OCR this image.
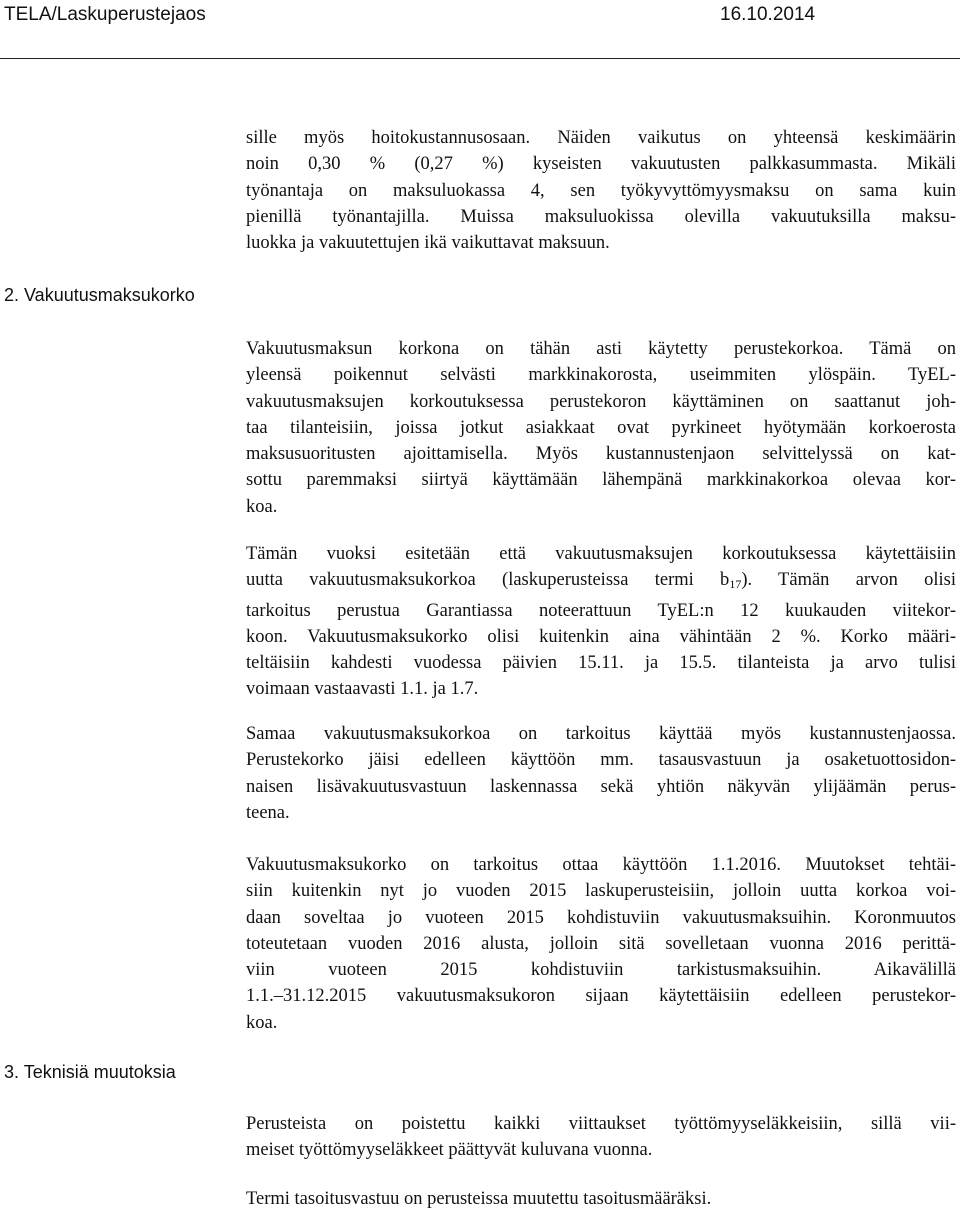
TELA/Laskuperustejaos	16.10.2014
sille myös hoitokustannusosaan. Näiden vaikutus on yhteensä keskimäärin
noin 0,30 % (0,27 %) kyseisten vakuutusten palkkasummasta. Mikäli
työnantaja on maksuluokassa 4, sen työkyvyttömyysmaksu on sama kuin
pienillä työnantajilla. Muissa maksuluokissa olevilla vakuutuksilla maksu-
luokka ja vakuutettujen ikä vaikuttavat maksuun.
2. Vakuutusmaksukorko
Vakuutusmaksun korkona on tähän asti käytetty perustekorkoa. Tämä on
yleensä poikennut selvästi markkinakorosta, useimmiten ylöspäin. TyEL-
vakuutusmaksujen korkoutuksessa perustekoron käyttäminen on saattanut joh-
taa tilanteisiin, joissa jotkut asiakkaat ovat pyrkineet hyötymään korkoerosta
maksusuoritusten ajoittamisella. Myös kustannustenjaon selvittelyssä on kat-
sottu paremmaksi siirtyä käyttämään lähempänä markkinakorkoa olevaa kor-
koa.
Tämän vuoksi esitetään että vakuutusmaksujen korkoutuksessa käytettäisiin
uutta vakuutusmaksukorkoa (laskuperusteissa termi $b_{17}$). Tämän arvon olisi
tarkoitus perustua Garantiassa noteerattuun TyEL:n 12 kuukauden viitekor-
koon. Vakuutusmaksukorko olisi kuitenkin aina vähintään 2 %. Korko määri-
teltäisiin kahdesti vuodessa päivien 15.11. ja 15.5. tilanteista ja arvo tulisi
voimaan vastaavasti 1.1. ja 1.7.
Samaa vakuutusmaksukorkoa on tarkoitus käyttää myös kustannustenjaossa.
Perustekorko jäisi edelleen käyttöön mm. tasausvastuun ja osaketuottosidon-
naisen lisävakuutusvastuun laskennassa sekä yhtiön näkyvän ylijäämän perus-
teena.
Vakuutusmaksukorko on tarkoitus ottaa käyttöön 1.1.2016. Muutokset tehtäi-
siin kuitenkin nyt jo vuoden 2015 laskuperusteisiin, jolloin uutta korkoa voi-
daan soveltaa jo vuoteen 2015 kohdistuviin vakuutusmaksuihin. Koronmuutos
toteutetaan vuoden 2016 alusta, jolloin sitä sovelletaan vuonna 2016 perittä-
viin vuoteen 2015 kohdistuviin tarkistusmaksuihin. Aikavälillä
1.1.–31.12.2015 vakuutusmaksukoron sijaan käytettäisiin edelleen perustekor-
koa.
3. Teknisiä muutoksia
Perusteista on poistettu kaikki viittaukset työttömyyseläkkeisiin, sillä vii-
meiset työttömyyseläkkeet päättyvät kuluvana vuonna.
Termi tasoitusvastuu on perusteissa muutettu tasoitusmääräksi.
